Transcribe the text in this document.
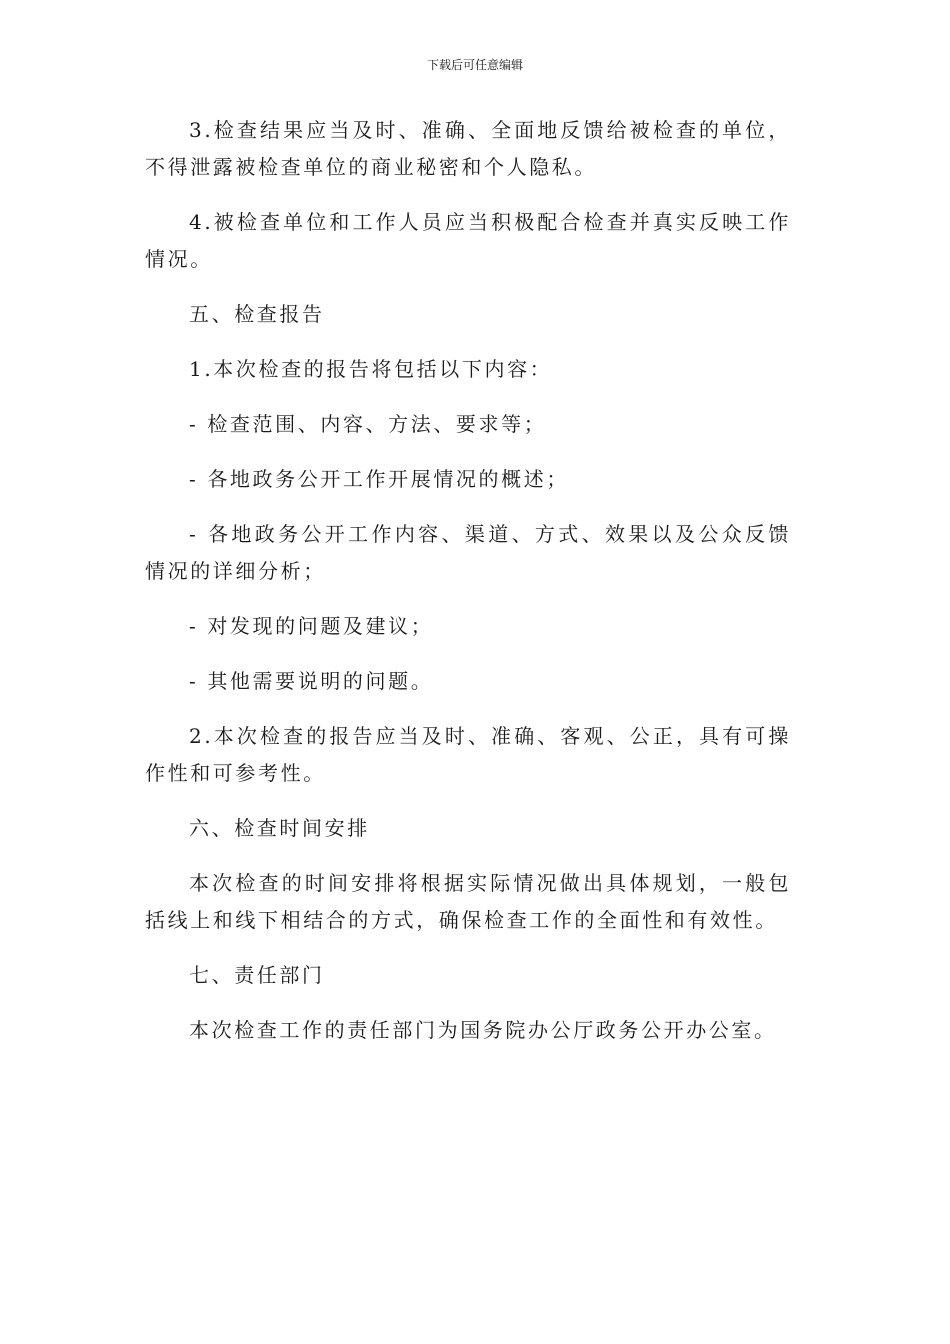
下载后可任意编辑

3.检查结果应当及时、准确、全面地反馈给被检查的单位，不得泄露被检查单位的商业秘密和个人隐私。

4.被检查单位和工作人员应当积极配合检查并真实反映工作情况。

五、检查报告

1.本次检查的报告将包括以下内容：

- 检查范围、内容、方法、要求等；

- 各地政务公开工作开展情况的概述；

- 各地政务公开工作内容、渠道、方式、效果以及公众反馈情况的详细分析；

- 对发现的问题及建议；

- 其他需要说明的问题。

2.本次检查的报告应当及时、准确、客观、公正，具有可操作性和可参考性。

六、检查时间安排

本次检查的时间安排将根据实际情况做出具体规划，一般包括线上和线下相结合的方式，确保检查工作的全面性和有效性。

七、责任部门

本次检查工作的责任部门为国务院办公厅政务公开办公室。
